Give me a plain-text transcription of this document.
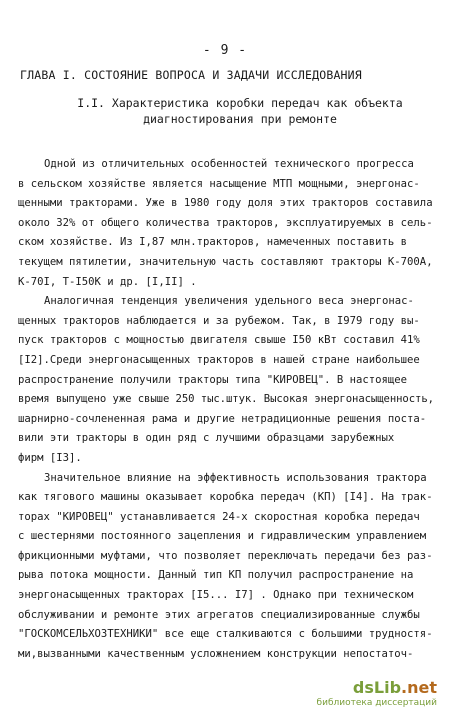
- 9 -
ГЛАВА I. СОСТОЯНИЕ ВОПРОСА И ЗАДАЧИ ИССЛЕДОВАНИЯ
I.I. Характеристика коробки передач как объекта
диагностирования при ремонте
Одной из отличительных особенностей технического прогресса
в сельском хозяйстве является насыщение МТП мощными, энергонас-
щенными тракторами. Уже в 1980 году доля этих тракторов составила
около 32% от общего количества тракторов, эксплуатируемых в сель-
ском хозяйстве. Из I,87 млн.тракторов, намеченных поставить в
текущем пятилетии, значительную часть составляют тракторы К-700А,
К-70I, Т-I50К и др. [I,II] .
Аналогичная тенденция увеличения удельного веса энергонас-
щенных тракторов наблюдается и за рубежом. Так, в I979 году вы-
пуск тракторов с мощностью двигателя свыше I50 кВт составил 41%
[I2].Среди энергонасыщенных тракторов в нашей стране наибольшее
распространение получили тракторы типа "КИРОВЕЦ". В настоящее
время выпущено уже свыше 250 тыс.штук. Высокая энергонасыщенность,
шарнирно-сочлененная рама и другие нетрадиционные решения поста-
вили эти тракторы в один ряд с лучшими образцами зарубежных
фирм [I3].
Значительное влияние на эффективность использования трактора
как тягового машины оказывает коробка передач (КП) [I4]. На трак-
торах "КИРОВЕЦ" устанавливается 24-х скоростная коробка передач
с шестернями постоянного зацепления и гидравлическим управлением
фрикционными муфтами, что позволяет переключать передачи без раз-
рыва потока мощности. Данный тип КП получил распространение на
энергонасыщенных тракторах [I5... I7] . Однако при техническом
обслуживании и ремонте этих агрегатов специализированные службы
"ГОСКОМСЕЛЬХОЗТЕХНИКИ" все еще сталкиваются с большими трудностя-
ми,вызванными качественным усложнением конструкции непостаточ-
dsLib.net
библиотека диссертаций
